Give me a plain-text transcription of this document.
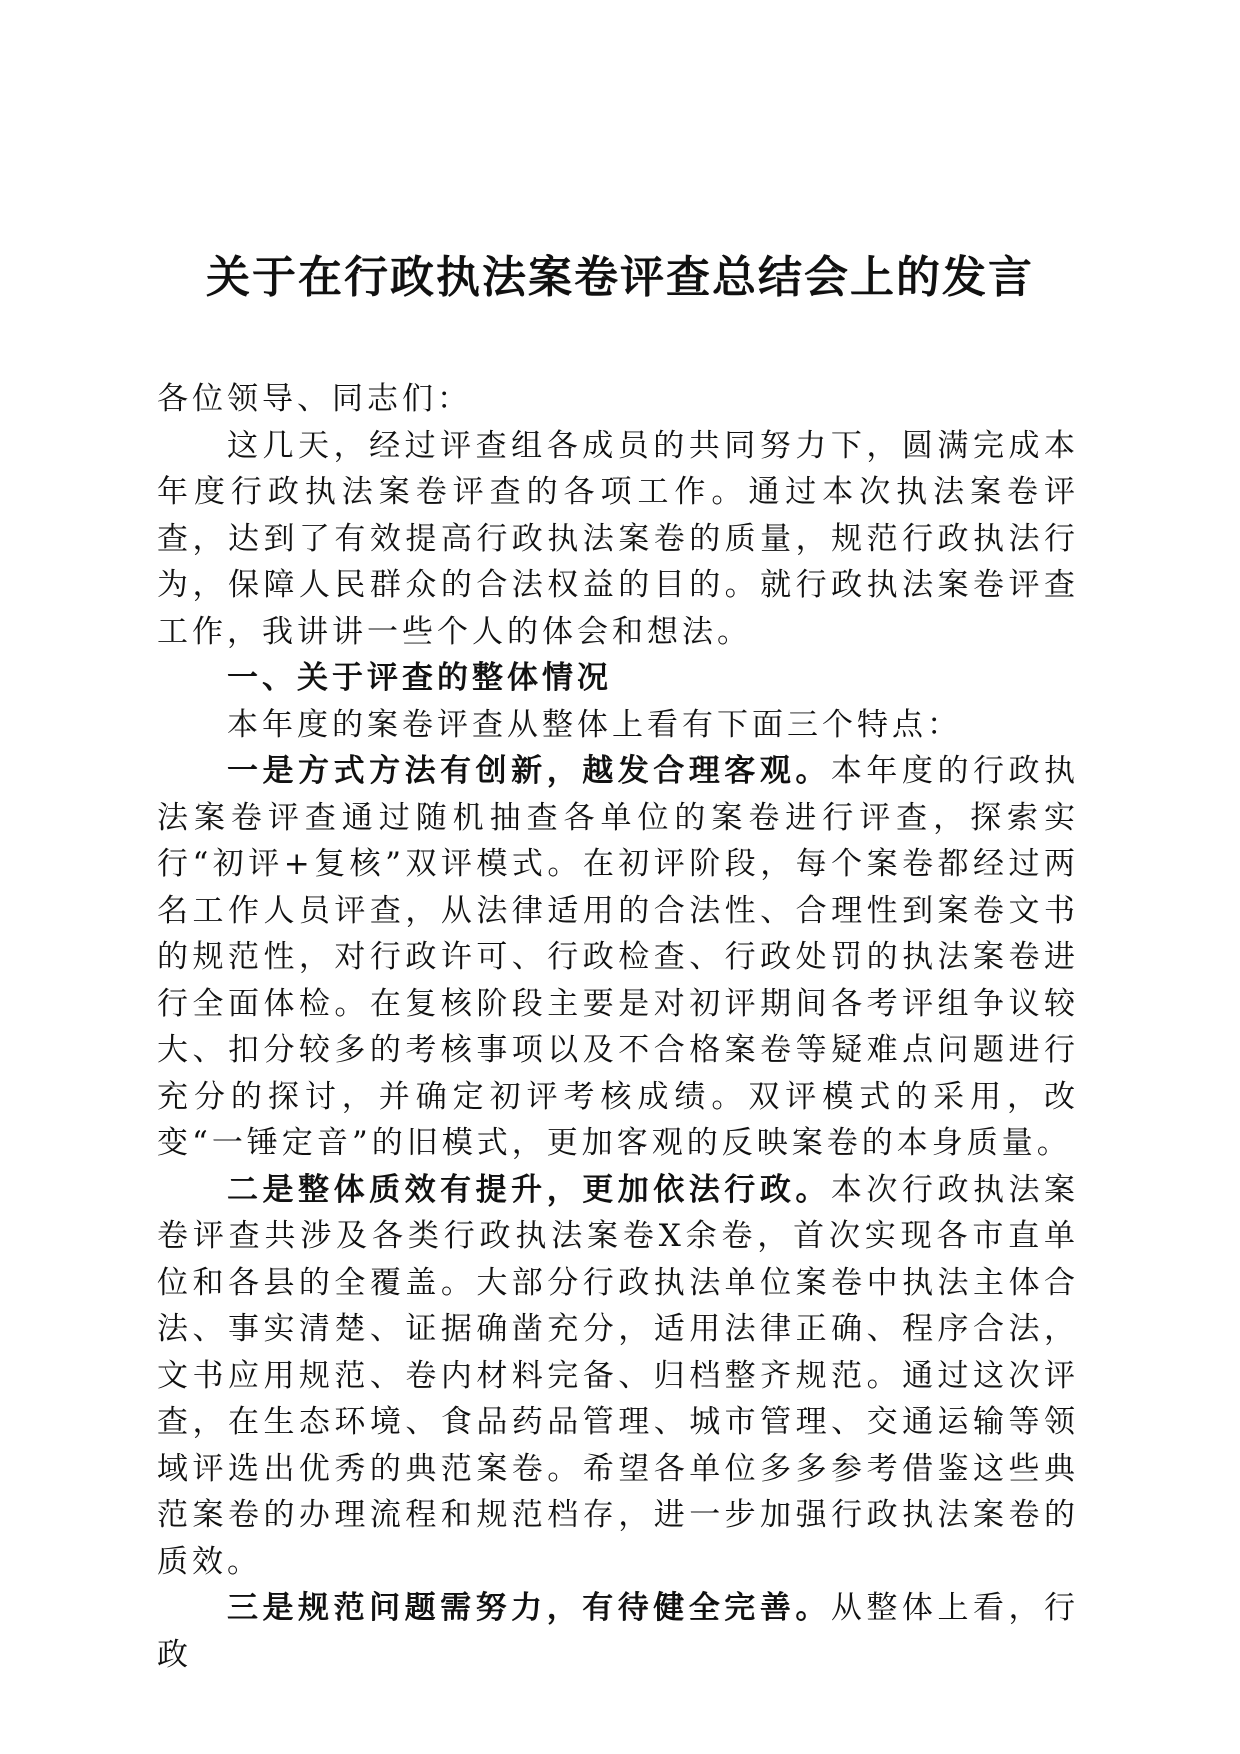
关于在行政执法案卷评查总结会上的发言

各位领导、同志们：

这几天，经过评查组各成员的共同努力下，圆满完成本年度行政执法案卷评查的各项工作。通过本次执法案卷评查，达到了有效提高行政执法案卷的质量，规范行政执法行为，保障人民群众的合法权益的目的。就行政执法案卷评查工作，我讲讲一些个人的体会和想法。

一、关于评查的整体情况

本年度的案卷评查从整体上看有下面三个特点：

一是方式方法有创新，越发合理客观。本年度的行政执法案卷评查通过随机抽查各单位的案卷进行评查，探索实行“初评+复核”双评模式。在初评阶段，每个案卷都经过两名工作人员评查，从法律适用的合法性、合理性到案卷文书的规范性，对行政许可、行政检查、行政处罚的执法案卷进行全面体检。在复核阶段主要是对初评期间各考评组争议较大、扣分较多的考核事项以及不合格案卷等疑难点问题进行充分的探讨，并确定初评考核成绩。双评模式的采用，改变“一锤定音”的旧模式，更加客观的反映案卷的本身质量。

二是整体质效有提升，更加依法行政。本次行政执法案卷评查共涉及各类行政执法案卷X余卷，首次实现各市直单位和各县的全覆盖。大部分行政执法单位案卷中执法主体合法、事实清楚、证据确凿充分，适用法律正确、程序合法，文书应用规范、卷内材料完备、归档整齐规范。通过这次评查，在生态环境、食品药品管理、城市管理、交通运输等领域评选出优秀的典范案卷。希望各单位多多参考借鉴这些典范案卷的办理流程和规范档存，进一步加强行政执法案卷的质效。

三是规范问题需努力，有待健全完善。从整体上看，行政
